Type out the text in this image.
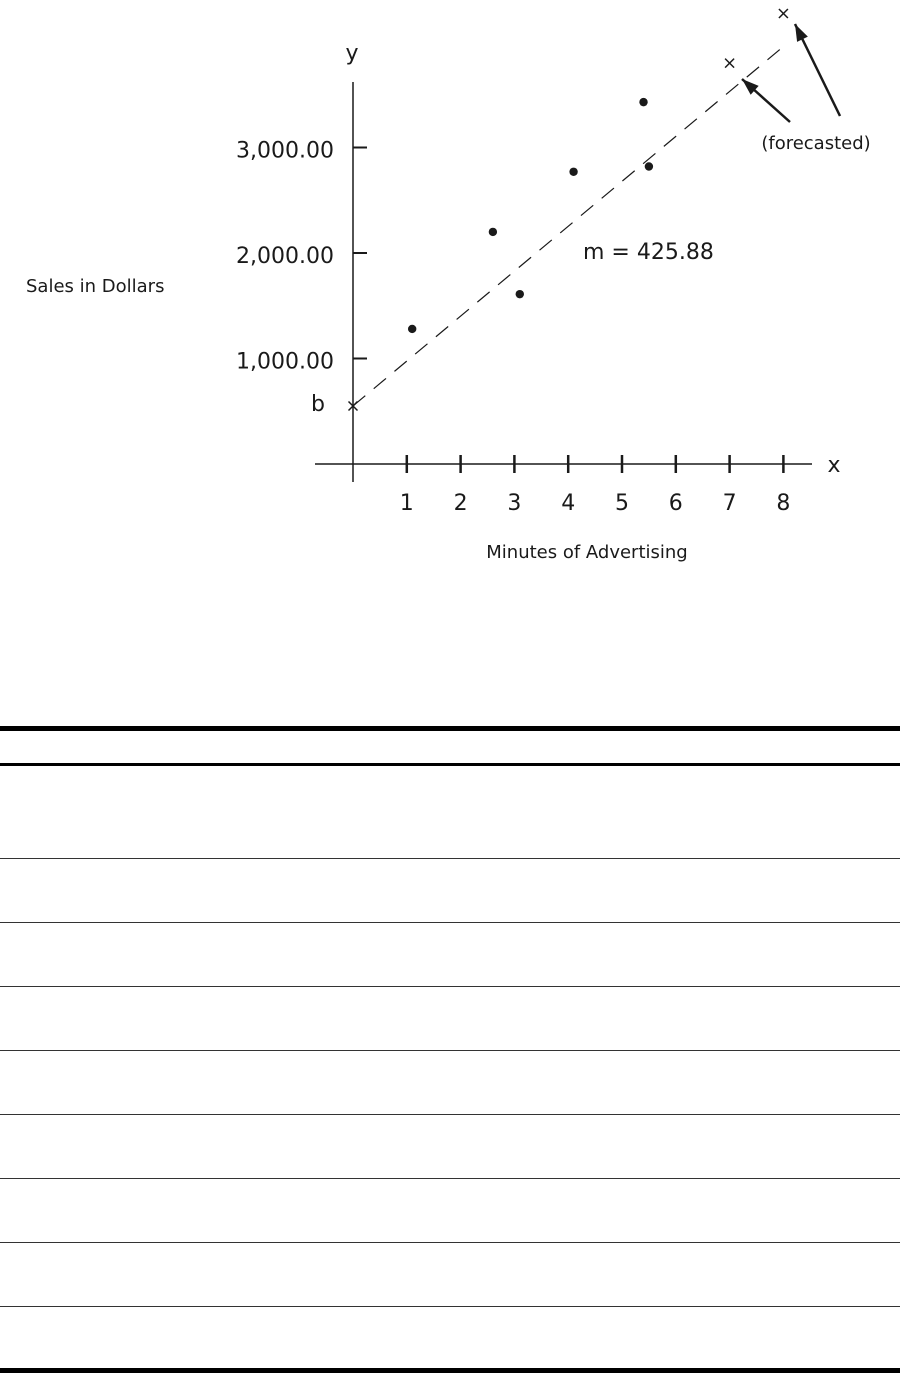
1 2 3 4 5 6 7 8
1,000.00
2,000.00
3,000.00
y
x
Minutes of Advertising
Sales in Dollars
b
m = 425.88
(forecasted)
